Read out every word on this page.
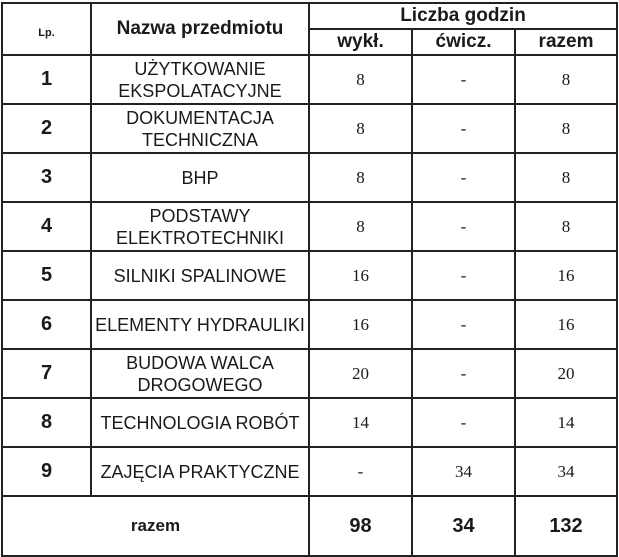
Lp.	Nazwa przedmiotu	Liczba godzin		
		wykł.	ćwicz.	razem
1	UŻYTKOWANIE EKSPOLATACYJNE	8	-	8
2	DOKUMENTACJA TECHNICZNA	8	-	8
3	BHP	8	-	8
4	PODSTAWY ELEKTROTECHNIKI	8	-	8
5	SILNIKI SPALINOWE	16	-	16
6	ELEMENTY HYDRAULIKI	16	-	16
7	BUDOWA WALCA DROGOWEGO	20	-	20
8	TECHNOLOGIA ROBÓT	14	-	14
9	ZAJĘCIA PRAKTYCZNE	-	34	34
razem		98	34	132
